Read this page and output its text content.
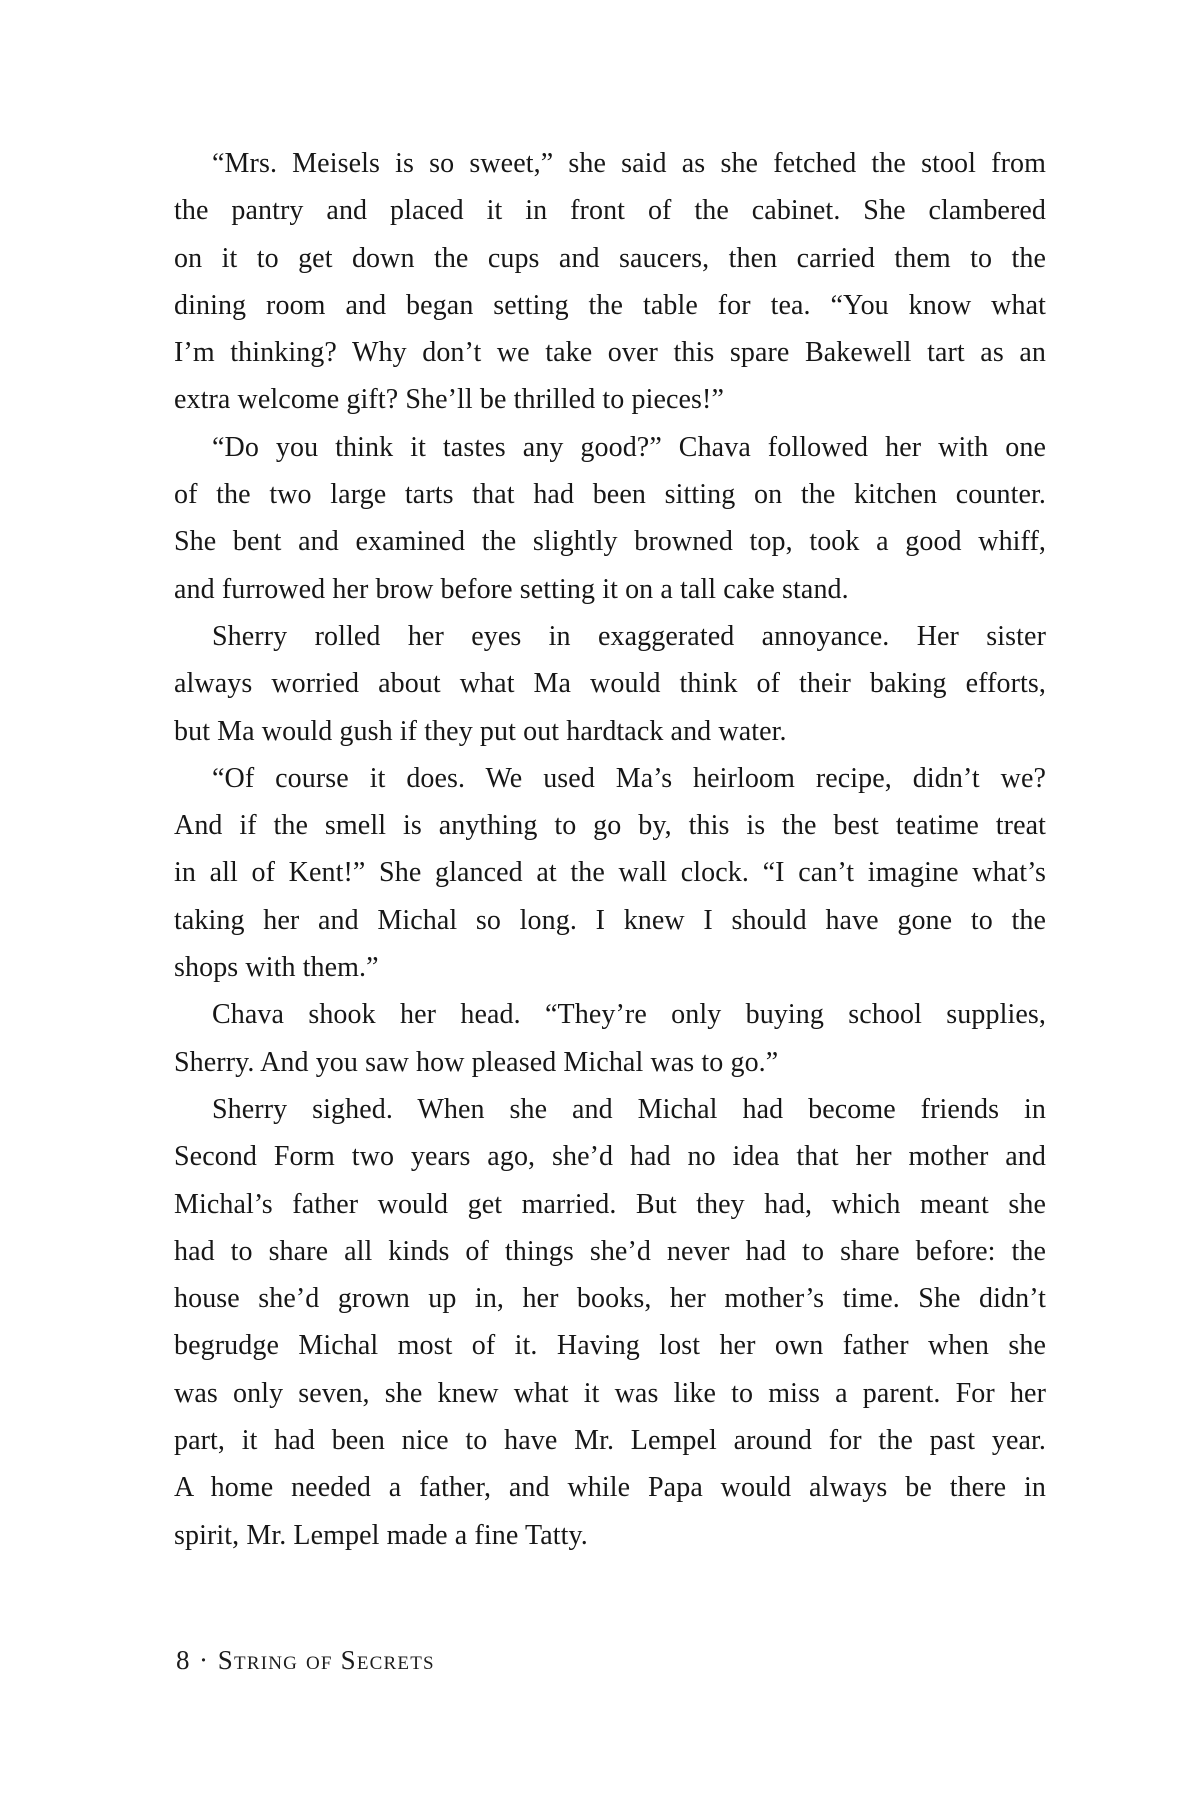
“Mrs. Meisels is so sweet,” she said as she fetched the stool from
the pantry and placed it in front of the cabinet. She clambered
on it to get down the cups and saucers, then carried them to the
dining room and began setting the table for tea. “You know what
I’m thinking? Why don’t we take over this spare Bakewell tart as an
extra welcome gift? She’ll be thrilled to pieces!”
“Do you think it tastes any good?” Chava followed her with one
of the two large tarts that had been sitting on the kitchen counter.
She bent and examined the slightly browned top, took a good whiff,
and furrowed her brow before setting it on a tall cake stand.
Sherry rolled her eyes in exaggerated annoyance. Her sister
always worried about what Ma would think of their baking efforts,
but Ma would gush if they put out hardtack and water.
“Of course it does. We used Ma’s heirloom recipe, didn’t we?
And if the smell is anything to go by, this is the best teatime treat
in all of Kent!” She glanced at the wall clock. “I can’t imagine what’s
taking her and Michal so long. I knew I should have gone to the
shops with them.”
Chava shook her head. “They’re only buying school supplies,
Sherry. And you saw how pleased Michal was to go.”
Sherry sighed. When she and Michal had become friends in
Second Form two years ago, she’d had no idea that her mother and
Michal’s father would get married. But they had, which meant she
had to share all kinds of things she’d never had to share before: the
house she’d grown up in, her books, her mother’s time. She didn’t
begrudge Michal most of it. Having lost her own father when she
was only seven, she knew what it was like to miss a parent. For her
part, it had been nice to have Mr. Lempel around for the past year.
A home needed a father, and while Papa would always be there in
spirit, Mr. Lempel made a fine Tatty.
8 · String of Secrets
